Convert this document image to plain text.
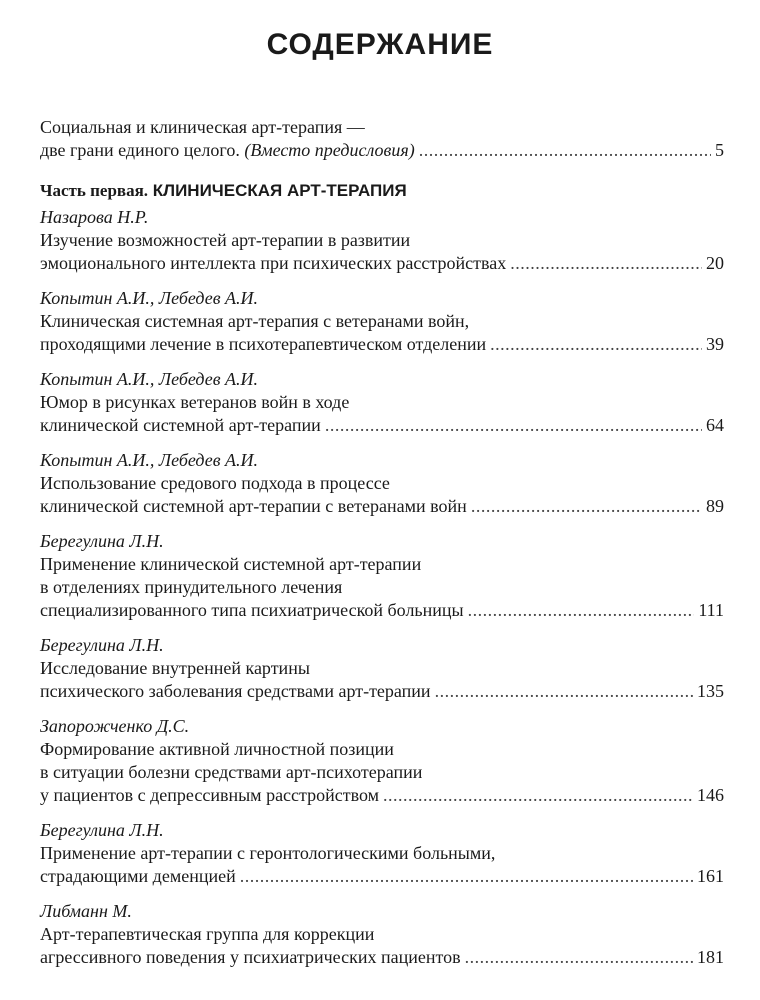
СОДЕРЖАНИЕ
Социальная и клиническая арт-терапия —
две грани единого целого. (Вместо предисловия) . . .	5
Часть первая. КЛИНИЧЕСКАЯ АРТ-ТЕРАПИЯ
Назарова Н.Р.
Изучение возможностей арт-терапии в развитии
эмоционального интеллекта при психических расстройствах . . .	20
Копытин А.И., Лебедев А.И.
Клиническая системная арт-терапия с ветеранами войн,
проходящими лечение в психотерапевтическом отделении . . .	39
Копытин А.И., Лебедев А.И.
Юмор в рисунках ветеранов войн в ходе
клинической системной арт-терапии . . .	64
Копытин А.И., Лебедев А.И.
Использование средового подхода в процессе
клинической системной арт-терапии с ветеранами войн . . .	89
Берегулина Л.Н.
Применение клинической системной арт-терапии
в отделениях принудительного лечения
специализированного типа психиатрической больницы . . .	111
Берегулина Л.Н.
Исследование внутренней картины
психического заболевания средствами арт-терапии . . .	135
Запорожченко Д.С.
Формирование активной личностной позиции
в ситуации болезни средствами арт-психотерапии
у пациентов с депрессивным расстройством . . .	146
Берегулина Л.Н.
Применение арт-терапии с геронтологическими больными,
страдающими деменцией . . .	161
Либманн М.
Арт-терапевтическая группа для коррекции
агрессивного поведения у психиатрических пациентов . . .	181
